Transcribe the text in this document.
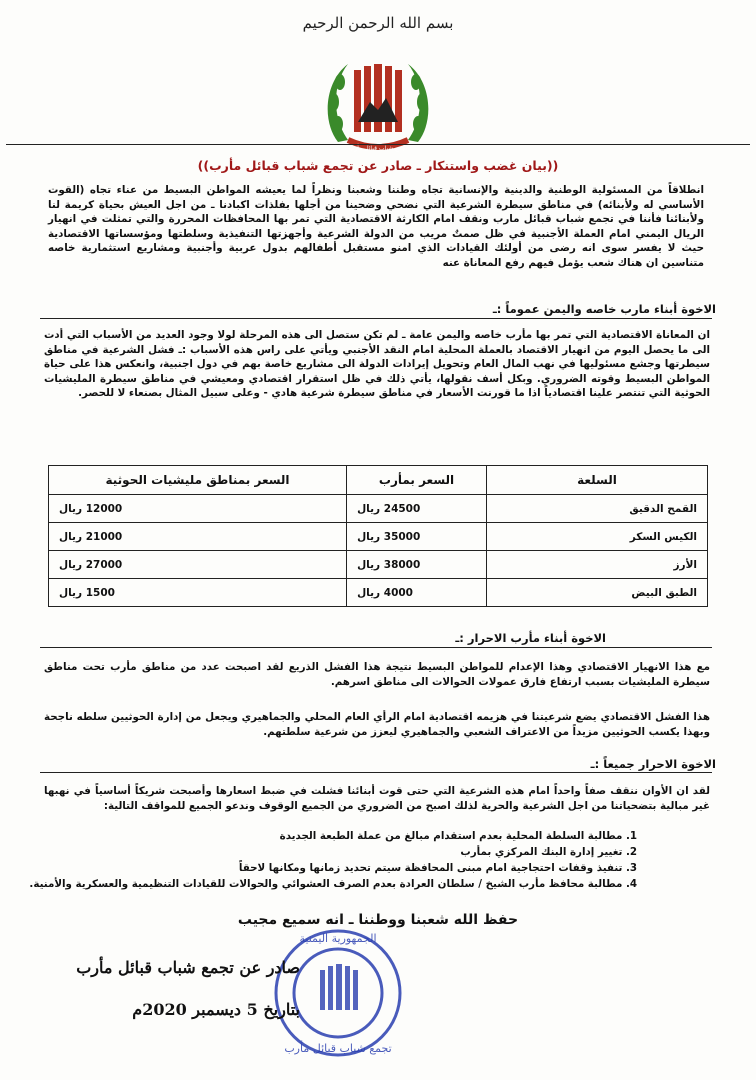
بسم الله الرحمن الرحيم
تجمع شباب قبائل مأرب
((بيان غضب واستنكار ـ صادر عن تجمع شباب قبائل مأرب))
انطلاقاً من المسئولية الوطنية والدينية والإنسانية تجاه وطننا وشعبنا ونظراً لما يعيشه المواطن البسيط من عناء تجاه (القوت الأساسي له ولأبنائه) في مناطق سيطرة الشرعية التي نضحي وضحينا من أجلها بفلذات اكبادنا ـ من اجل العيش بحياة كريمة لنا ولأبنائنا فأننا في تجمع شباب قبائل مارب ونقف امام الكارثة الاقتصادية التي تمر بها المحافظات المحررة والتي تمثلت في انهيار الريال اليمني امام العملة الأجنبية في ظل صمتٌ مريب من الدولة الشرعية وأجهزتها التنفيذية وسلطتها ومؤسساتها الاقتصادية حيث لا يفسر سوى انه رضى من أولئك القيادات الذي امنو مستقبل أطفالهم بدول عربية وأجنبية ومشاريع استثمارية خاصه متناسين ان هناك شعب يؤمل فيهم رفع المعاناة عنه
الاخوة أبناء مارب خاصه واليمن عموماً :ـ
ان المعاناة الاقتصادية التي تمر بها مأرب خاصه واليمن عامة ـ لم تكن ستصل الى هذه المرحلة لولا وجود العديد من الأسباب التي أدت الى ما يحصل اليوم من انهيار الاقتصاد بالعملة المحلية امام النقد الأجنبي ويأتي على راس هذه الأسباب :ـ فشل الشرعية في مناطق سيطرتها وجشع مسئوليها في نهب المال العام وتحويل إيرادات الدولة الى مشاريع خاصة بهم في دول اجنبية، وانعكس هذا على حياة المواطن البسيط وقوته الضروري. وبكل أسف نقولها، يأتي ذلك في ظل استقرار اقتصادي ومعيشي في مناطق سيطرة المليشيات الحوثية التي تنتصر علينا اقتصادياً اذا ما قورنت الأسعار في مناطق سيطرة شرعية هادي - وعلى سبيل المثال بصنعاء لا للحصر.
السلعة	السعر بمأرب	السعر بمناطق مليشيات الحوثية
القمح الدقيق	24500 ريال	12000 ريال
الكيس السكر	35000 ريال	21000 ريال
الأرز	38000 ريال	27000 ريال
الطبق البيض	4000 ريال	1500 ريال
الاخوة أبناء مأرب الاحرار :ـ
مع هذا الانهيار الاقتصادي وهذا الإعدام للمواطن البسيط نتيجة هذا الفشل الذريع لقد اصبحت عدد من مناطق مأرب تحت مناطق سيطرة المليشيات بسبب ارتفاع فارق عمولات الحوالات الى مناطق اسرهم.
هذا الفشل الاقتصادي يضع شرعيتنا في هزيمه اقتصادية امام الرأي العام المحلي والجماهيري ويجعل من إدارة الحوثيين سلطه ناجحة وبهذا يكسب الحوثيين مزيداً من الاعتراف الشعبي والجماهيري ليعزز من شرعية سلطتهم.
الاخوة الاحرار جميعاً :ـ
لقد ان الأوان ننقف صفاً واحداً امام هذه الشرعية التي حتى قوت أبنائنا فشلت في ضبط اسعارها وأصبحت شريكاً أساسياً في نهبها غير مبالية بتضحياتنا من اجل الشرعية والحرية لذلك اصبح من الضروري من الجميع الوقوف وندعو الجميع للمواقف التالية:
1. مطالبة السلطة المحلية بعدم استقدام مبالغ من عملة الطبعة الجديدة
2. تغيير إدارة البنك المركزي بمأرب
3. تنفيذ وقفات احتجاجية امام مبنى المحافظة سيتم تحديد زمانها ومكانها لاحقاً
4. مطالبة محافظ مأرب الشيخ / سلطان العرادة بعدم الصرف العشوائي والحوالات للقيادات التنظيمية والعسكرية والأمنية.
حفظ الله شعبنا ووطننا ـ انه سميع مجيب
الجمهورية اليمنية
تجمع شباب قبائل مأرب
صادر عن تجمع شباب قبائل مأرب
بتاريخ 5 ديسمبر 2020م
